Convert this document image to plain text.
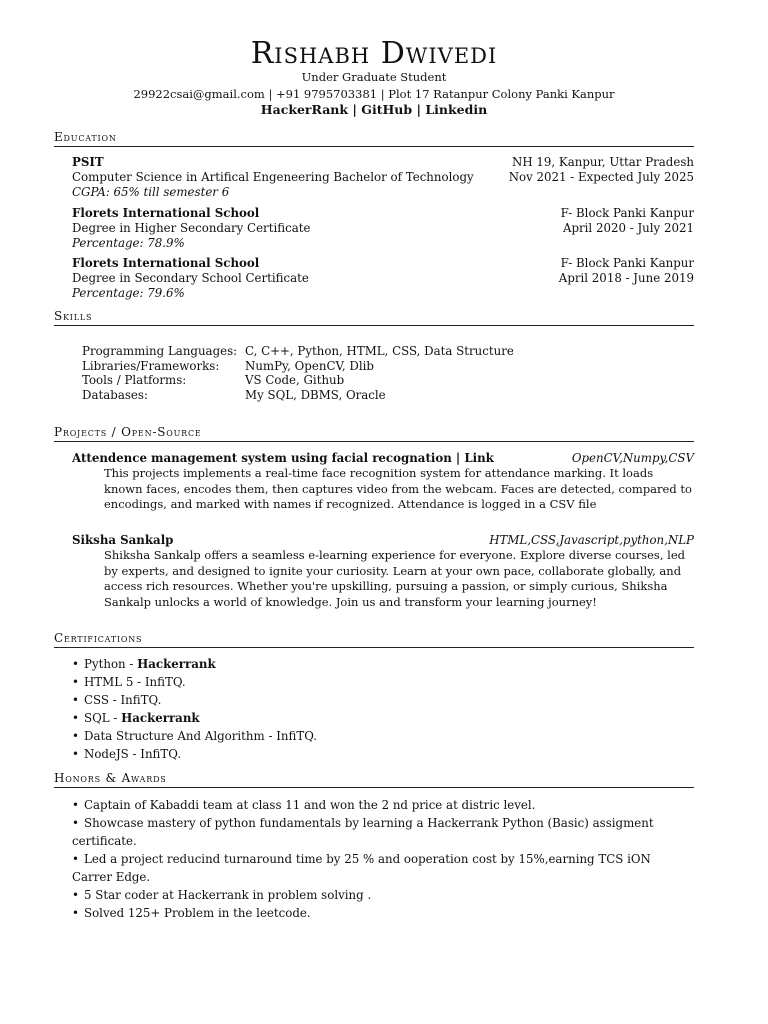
Rishabh Dwivedi
Under Graduate Student
29922csai@gmail.com | +91 9795703381 | Plot 17 Ratanpur Colony Panki Kanpur
HackerRank | GitHub | Linkedin
Education
PSIT	NH 19, Kanpur, Uttar Pradesh
Computer Science in Artifical Engeneering Bachelor of Technology	Nov 2021 - Expected July 2025
CGPA: 65% till semester 6
Florets International School	F- Block Panki Kanpur
Degree in Higher Secondary Certificate	April 2020 - July 2021
Percentage: 78.9%
Florets International School	F- Block Panki Kanpur
Degree in Secondary School Certificate	April 2018 - June 2019
Percentage: 79.6%
Skills
Programming Languages:	C, C++, Python, HTML, CSS, Data Structure
Libraries/Frameworks:	NumPy, OpenCV, Dlib
Tools / Platforms:	VS Code, Github
Databases:	My SQL, DBMS, Oracle
Projects / Open-Source
Attendence management system using facial recognation | Link	OpenCV,Numpy,CSV
This projects implements a real-time face recognition system for attendance marking. It loads known faces, encodes them, then captures video from the webcam. Faces are detected, compared to encodings, and marked with names if recognized. Attendance is logged in a CSV file
Siksha Sankalp	HTML,CSS,Javascript,python,NLP
Shiksha Sankalp offers a seamless e-learning experience for everyone. Explore diverse courses, led by experts, and designed to ignite your curiosity. Learn at your own pace, collaborate globally, and access rich resources. Whether you're upskilling, pursuing a passion, or simply curious, Shiksha Sankalp unlocks a world of knowledge. Join us and transform your learning journey!
Certifications
• Python - Hackerrank
• HTML 5 - InfiTQ.
• CSS - InfiTQ.
• SQL - Hackerrank
• Data Structure And Algorithm - InfiTQ.
• NodeJS - InfiTQ.
Honors & Awards
• Captain of Kabaddi team at class 11 and won the 2 nd price at distric level.
• Showcase mastery of python fundamentals by learning a Hackerrank Python (Basic) assigment certificate.
• Led a project reducind turnaround time by 25 % and ooperation cost by 15%,earning TCS iON Carrer Edge.
• 5 Star coder at Hackerrank in problem solving .
• Solved 125+ Problem in the leetcode.
